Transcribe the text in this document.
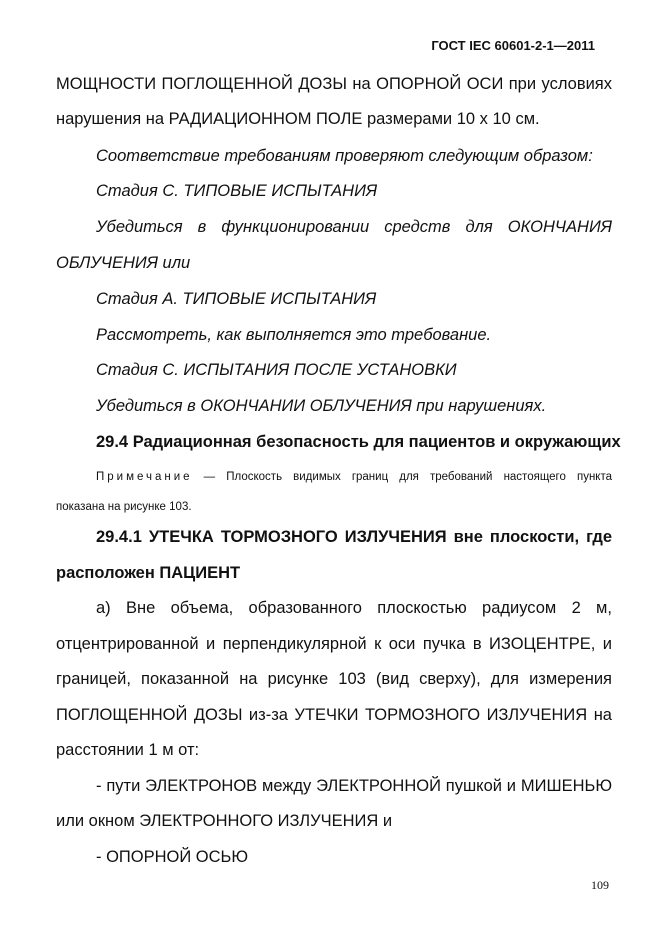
ГОСТ IEC 60601-2-1—2011
МОЩНОСТИ ПОГЛОЩЕННОЙ ДОЗЫ на ОПОРНОЙ ОСИ при условиях
нарушения на РАДИАЦИОННОМ ПОЛЕ размерами 10 х 10 см.
Соответствие требованиям проверяют следующим образом:
Стадия С. ТИПОВЫЕ ИСПЫТАНИЯ
Убедиться в функционировании средств для ОКОНЧАНИЯ
ОБЛУЧЕНИЯ или
Стадия А. ТИПОВЫЕ ИСПЫТАНИЯ
Рассмотреть, как выполняется это требование.
Стадия С. ИСПЫТАНИЯ ПОСЛЕ УСТАНОВКИ
Убедиться в ОКОНЧАНИИ ОБЛУЧЕНИЯ при нарушениях.
29.4 Радиационная безопасность для пациентов и окружающих
Примечание — Плоскость видимых границ для требований настоящего пункта
показана на рисунке 103.
29.4.1 УТЕЧКА ТОРМОЗНОГО ИЗЛУЧЕНИЯ вне плоскости, где
расположен ПАЦИЕНТ
а) Вне объема, образованного плоскостью радиусом 2 м,
отцентрированной и перпендикулярной к оси пучка в ИЗОЦЕНТРЕ, и
границей, показанной на рисунке 103 (вид сверху), для измерения
ПОГЛОЩЕННОЙ ДОЗЫ из-за УТЕЧКИ ТОРМОЗНОГО ИЗЛУЧЕНИЯ на
расстоянии 1 м от:
- пути ЭЛЕКТРОНОВ между ЭЛЕКТРОННОЙ пушкой и МИШЕНЬЮ
или окном ЭЛЕКТРОННОГО ИЗЛУЧЕНИЯ и
- ОПОРНОЙ ОСЬЮ
109
